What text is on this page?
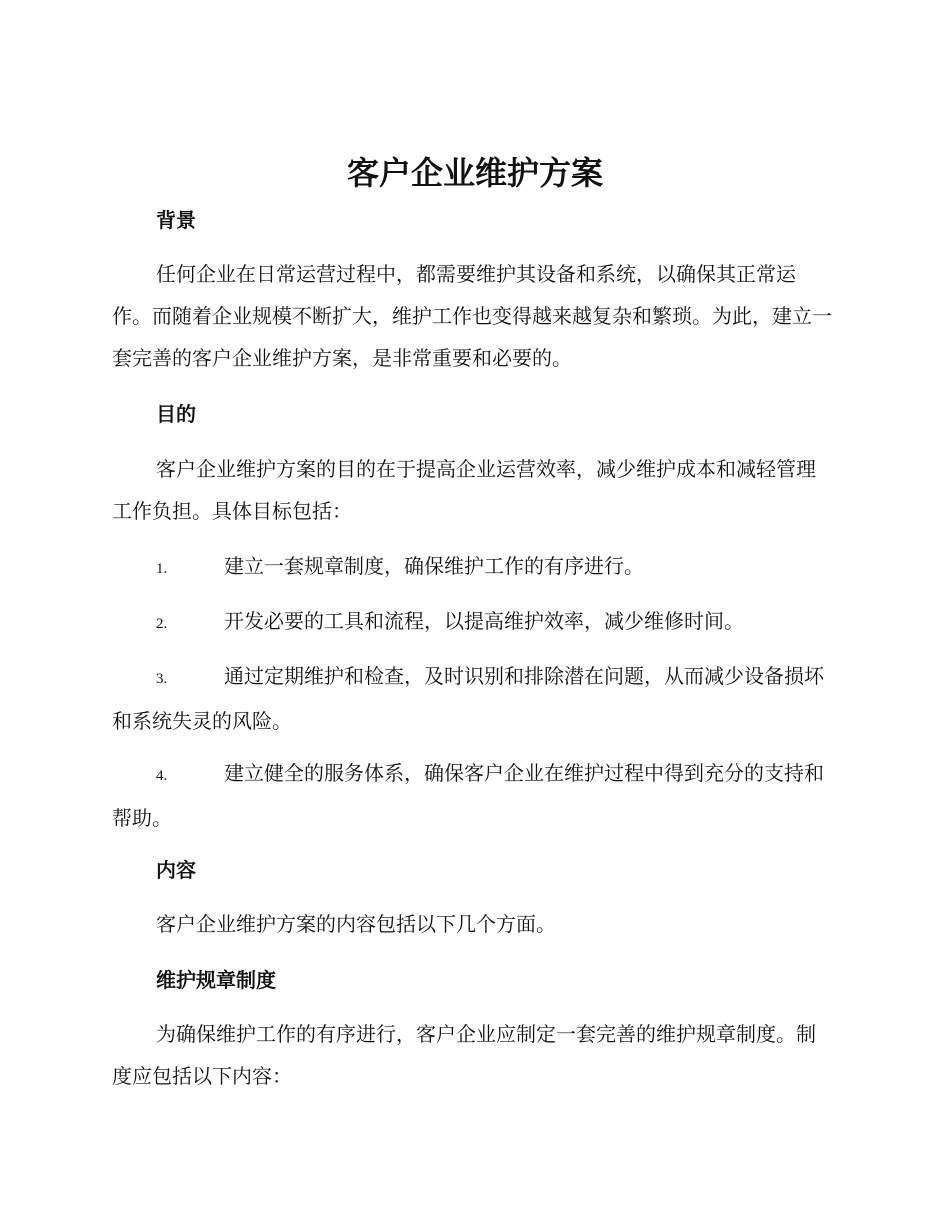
客户企业维护方案
背景

任何企业在日常运营过程中，都需要维护其设备和系统，以确保其正常运作。而随着企业规模不断扩大，维护工作也变得越来越复杂和繁琐。为此，建立一套完善的客户企业维护方案，是非常重要和必要的。

目的

客户企业维护方案的目的在于提高企业运营效率，减少维护成本和减轻管理工作负担。具体目标包括：

1.	建立一套规章制度，确保维护工作的有序进行。

2.	开发必要的工具和流程，以提高维护效率，减少维修时间。

3.	通过定期维护和检查，及时识别和排除潜在问题，从而减少设备损坏和系统失灵的风险。

4.	建立健全的服务体系，确保客户企业在维护过程中得到充分的支持和帮助。

内容

客户企业维护方案的内容包括以下几个方面。

维护规章制度

为确保维护工作的有序进行，客户企业应制定一套完善的维护规章制度。制度应包括以下内容：
